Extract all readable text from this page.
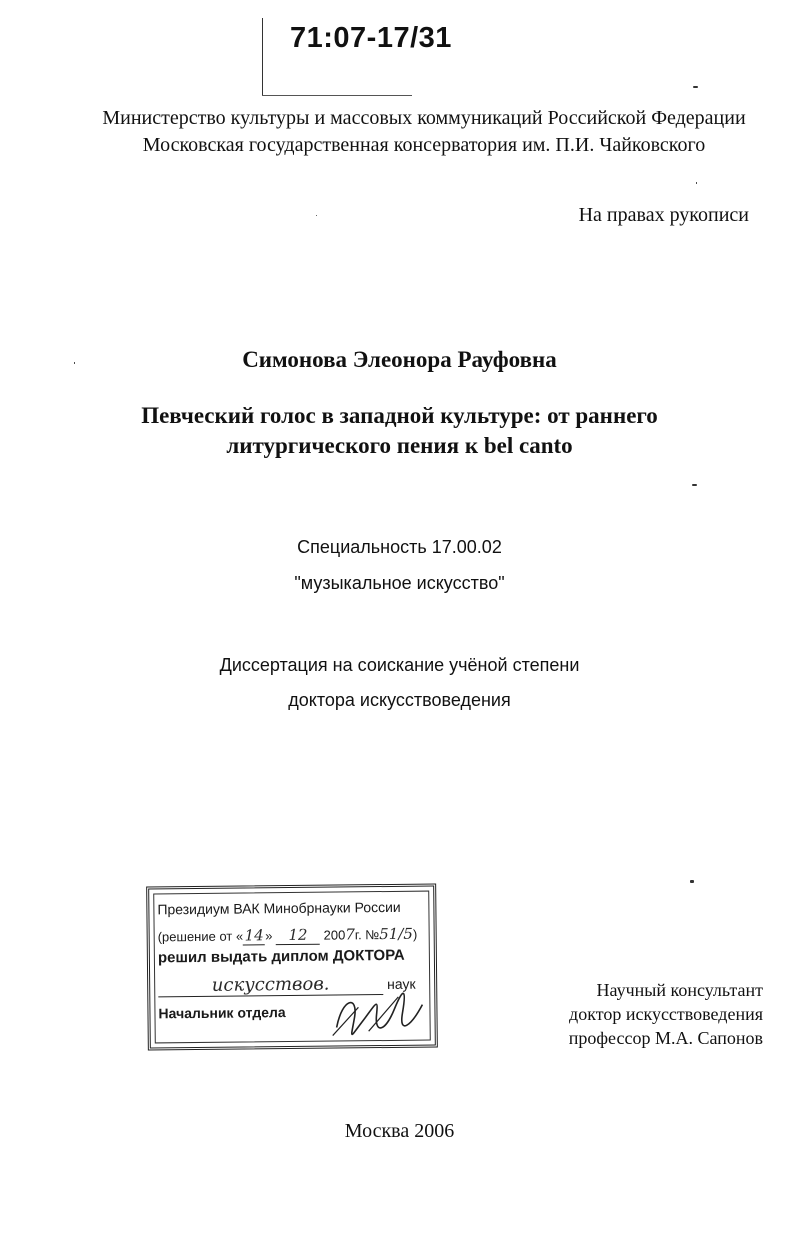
71:07-17/31
Министерство культуры и массовых коммуникаций Российской Федерации
Московская государственная консерватория им. П.И. Чайковского
На правах рукописи
Симонова Элеонора Рауфовна
Певческий голос в западной культуре: от раннего
литургического пения к bel canto
Специальность 17.00.02
"музыкальное искусство"
Диссертация на соискание учёной степени
доктора искусствоведения
Президиум ВАК Минобрнауки России
(решение от «14» 12 2007г. №51/5)
решил выдать диплом ДОКТОРА
искусствов.	наук
Начальник отдела
Научный консультант
доктор искусствоведения
профессор М.А. Сапонов
Москва 2006
